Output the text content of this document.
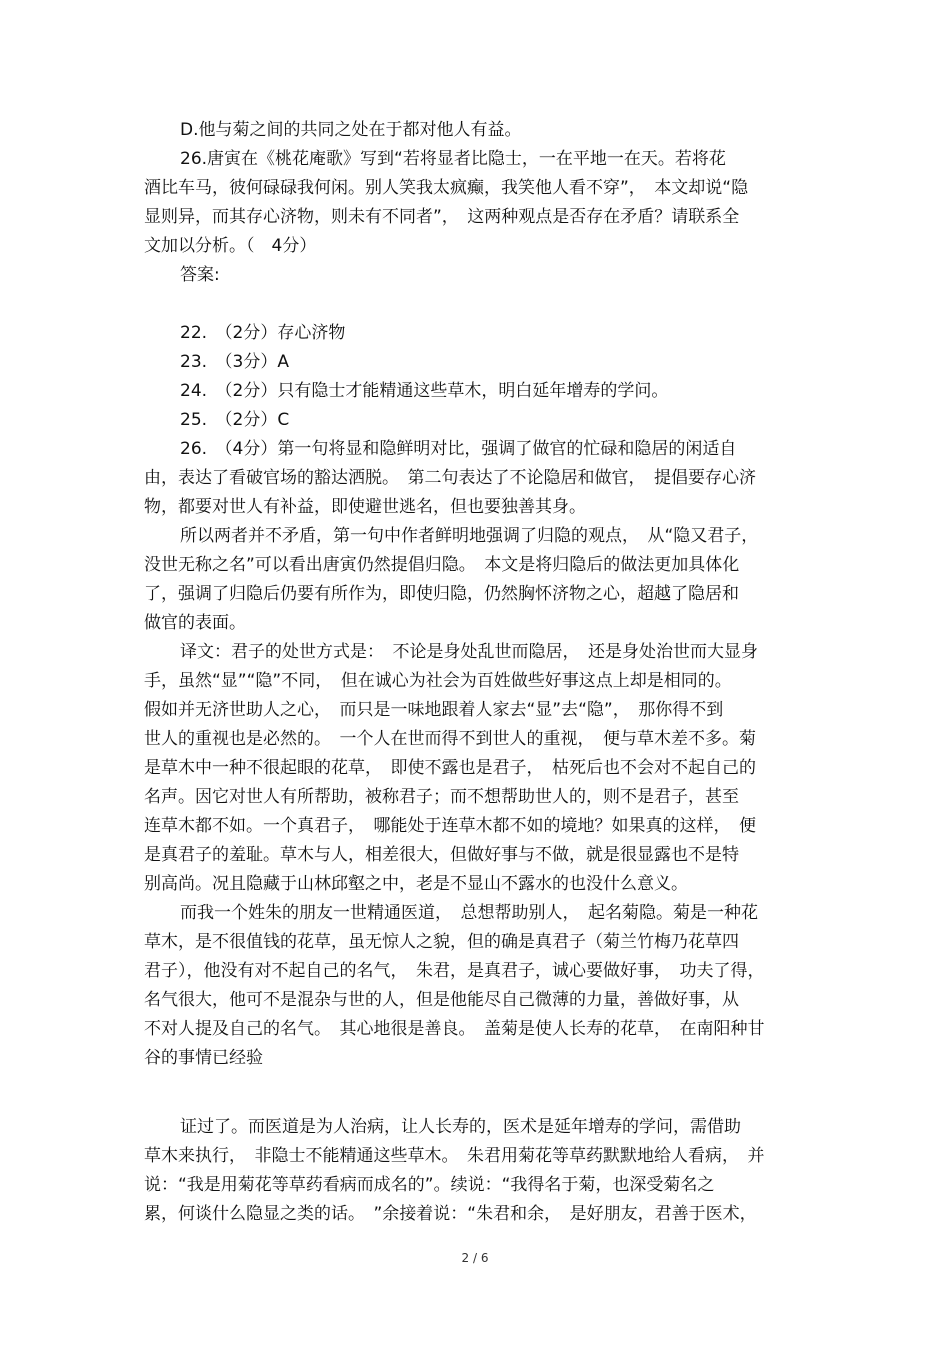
D.他与菊之间的共同之处在于都对他人有益。

26.唐寅在《桃花庵歌》写到“若将显者比隐士，一在平地一在天。若将花

酒比车马，彼何碌碌我何闲。别人笑我太疯癫，我笑他人看不穿”，　本文却说“隐

显则异，而其存心济物，则未有不同者”，　这两种观点是否存在矛盾？请联系全

文加以分析。（　4分）

答案:

22.　（2分）存心济物

23.　（3分）A

24.　（2分）只有隐士才能精通这些草木，明白延年增寿的学问。

25.　（2分）C

26.　（4分）第一句将显和隐鲜明对比，强调了做官的忙碌和隐居的闲适自

由，表达了看破官场的豁达洒脱。　第二句表达了不论隐居和做官，　提倡要存心济

物，都要对世人有补益，即使避世逃名，但也要独善其身。

所以两者并不矛盾，第一句中作者鲜明地强调了归隐的观点，　从“隐又君子，

没世无称之名”可以看出唐寅仍然提倡归隐。　本文是将归隐后的做法更加具体化

了，强调了归隐后仍要有所作为，即使归隐，仍然胸怀济物之心，超越了隐居和

做官的表面。

译文：君子的处世方式是：　不论是身处乱世而隐居，　还是身处治世而大显身

手，虽然“显”“隐”不同，　但在诚心为社会为百姓做些好事这点上却是相同的。

假如并无济世助人之心，　而只是一味地跟着人家去“显”去“隐”，　那你得不到

世人的重视也是必然的。　一个人在世而得不到世人的重视，　便与草木差不多。菊

是草木中一种不很起眼的花草，　即使不露也是君子，　枯死后也不会对不起自己的

名声。因它对世人有所帮助，被称君子；而不想帮助世人的，则不是君子，甚至

连草木都不如。一个真君子，　哪能处于连草木都不如的境地？如果真的这样，　便

是真君子的羞耻。草木与人，相差很大，但做好事与不做，就是很显露也不是特

别高尚。况且隐藏于山林邱壑之中，老是不显山不露水的也没什么意义。

而我一个姓朱的朋友一世精通医道，　总想帮助别人，　起名菊隐。菊是一种花

草木，是不很值钱的花草，虽无惊人之貌，但的确是真君子（菊兰竹梅乃花草四

君子），他没有对不起自己的名气，　朱君，是真君子，诚心要做好事，　功夫了得，

名气很大，他可不是混杂与世的人，但是他能尽自己微薄的力量，善做好事，从

不对人提及自己的名气。　其心地很是善良。　盖菊是使人长寿的花草，　在南阳种甘

谷的事情已经验

证过了。而医道是为人治病，让人长寿的，医术是延年增寿的学问，需借助

草木来执行，　非隐士不能精通这些草木。　朱君用菊花等草药默默地给人看病，　并

说：“我是用菊花等草药看病而成名的”。续说：“我得名于菊，也深受菊名之

累，何谈什么隐显之类的话。　”余接着说：“朱君和余，　是好朋友，君善于医术，

2 / 6
